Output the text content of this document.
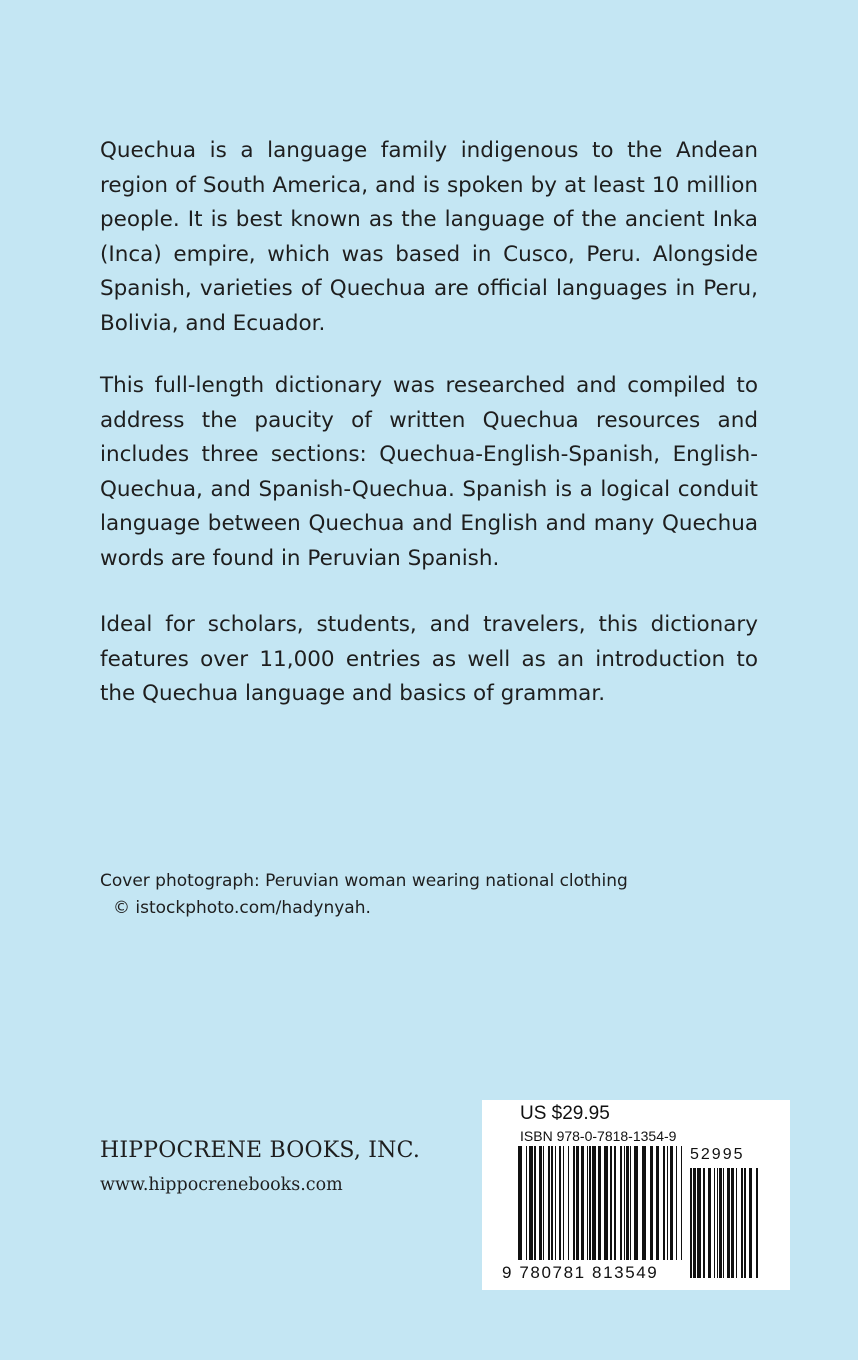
Quechua is a language family indigenous to the Andean region of South America, and is spoken by at least 10 million people. It is best known as the language of the ancient Inka (Inca) empire, which was based in Cusco, Peru. Alongside Spanish, varieties of Quechua are official languages in Peru, Bolivia, and Ecuador.

This full-length dictionary was researched and compiled to address the paucity of written Quechua resources and includes three sections: Quechua-English-Spanish, English-Quechua, and Spanish-Quechua. Spanish is a logical conduit language between Quechua and English and many Quechua words are found in Peruvian Spanish.

Ideal for scholars, students, and travelers, this dictionary features over 11,000 entries as well as an introduction to the Quechua language and basics of grammar.

Cover photograph: Peruvian woman wearing national clothing
© istockphoto.com/hadynyah.
HIPPOCRENE BOOKS, INC.
www.hippocrenebooks.com
US $29.95
ISBN 978-0-7818-1354-9
52995
9 780781 813549
